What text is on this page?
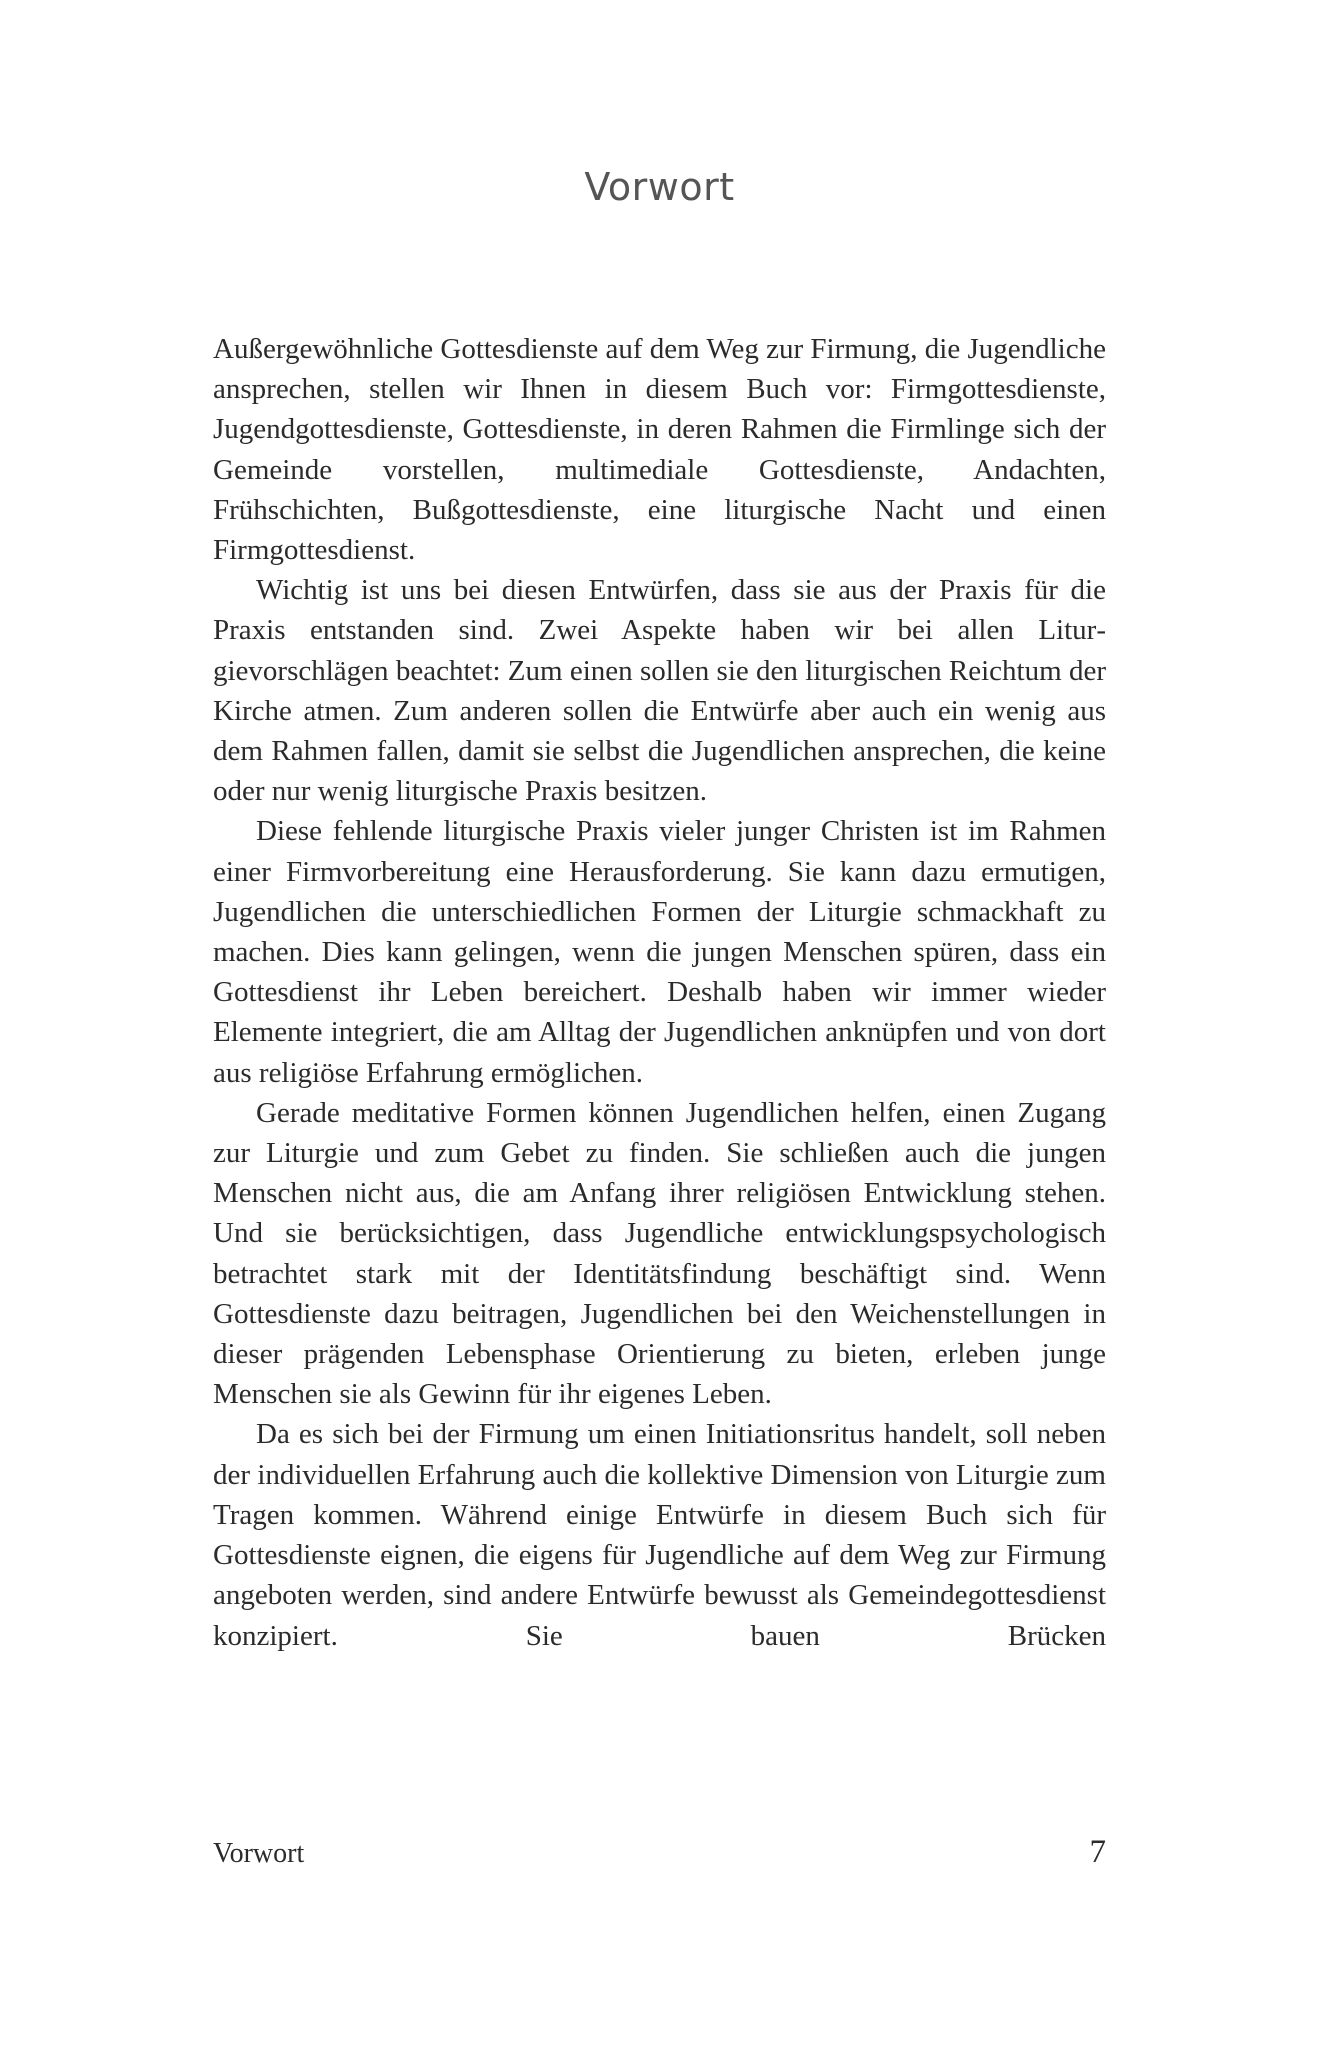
Vorwort

Außergewöhnliche Gottesdienste auf dem Weg zur Firmung, die Jugendliche ansprechen, stellen wir Ihnen in diesem Buch vor: Firmgottesdienste, Jugendgottesdienste, Gottesdienste, in deren Rahmen die Firmlinge sich der Gemeinde vorstellen, multimediale Gottesdienste, Andachten, Frühschichten, Bußgottesdienste, eine liturgische Nacht und einen Firmgottesdienst.

Wichtig ist uns bei diesen Entwürfen, dass sie aus der Praxis für die Praxis entstanden sind. Zwei Aspekte haben wir bei allen Liturgievorschlägen beachtet: Zum einen sollen sie den liturgischen Reichtum der Kirche atmen. Zum anderen sollen die Entwürfe aber auch ein wenig aus dem Rahmen fallen, damit sie selbst die Jugendlichen ansprechen, die keine oder nur wenig liturgische Praxis besitzen.

Diese fehlende liturgische Praxis vieler junger Christen ist im Rahmen einer Firmvorbereitung eine Herausforderung. Sie kann dazu ermutigen, Jugendlichen die unterschiedlichen Formen der Liturgie schmackhaft zu machen. Dies kann gelingen, wenn die jungen Menschen spüren, dass ein Gottesdienst ihr Leben bereichert. Deshalb haben wir immer wieder Elemente integriert, die am Alltag der Jugendlichen anknüpfen und von dort aus religiöse Erfahrung ermöglichen.

Gerade meditative Formen können Jugendlichen helfen, einen Zugang zur Liturgie und zum Gebet zu finden. Sie schließen auch die jungen Menschen nicht aus, die am Anfang ihrer religiösen Entwicklung stehen. Und sie berücksichtigen, dass Jugendliche entwicklungspsychologisch betrachtet stark mit der Identitätsfindung beschäftigt sind. Wenn Gottesdienste dazu beitragen, Jugendlichen bei den Weichenstellungen in dieser prägenden Lebensphase Orientierung zu bieten, erleben junge Menschen sie als Gewinn für ihr eigenes Leben.

Da es sich bei der Firmung um einen Initiationsritus handelt, soll neben der individuellen Erfahrung auch die kollektive Dimension von Liturgie zum Tragen kommen. Während einige Entwürfe in diesem Buch sich für Gottesdienste eignen, die eigens für Jugendliche auf dem Weg zur Firmung angeboten werden, sind andere Entwürfe bewusst als Gemeindegottesdienst konzipiert. Sie bauen Brücken

Vorwort	7
